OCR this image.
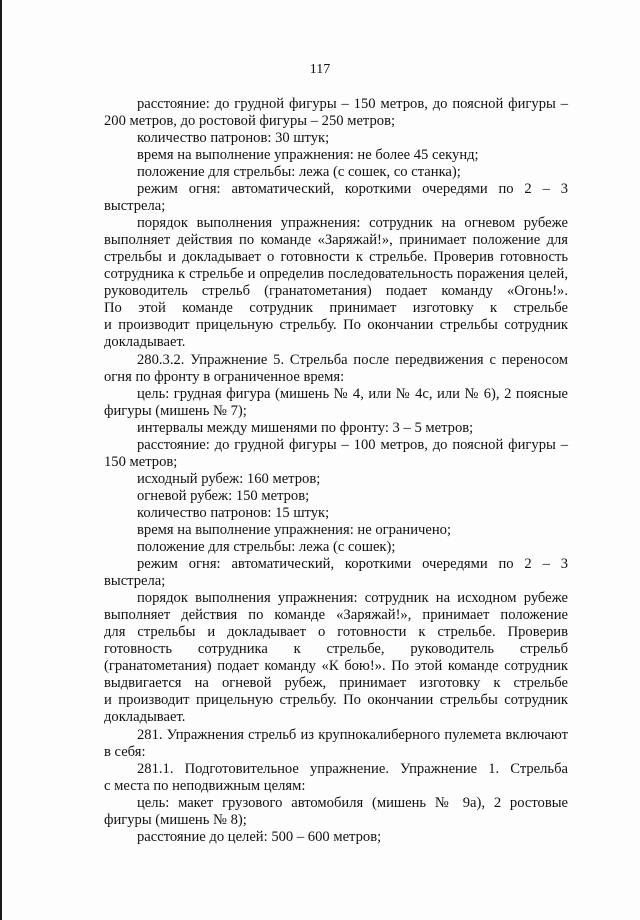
117
расстояние: до грудной фигуры – 150 метров, до поясной фигуры –
200 метров, до ростовой фигуры – 250 метров;
количество патронов: 30 штук;
время на выполнение упражнения: не более 45 секунд;
положение для стрельбы: лежа (с сошек, со станка);
режим огня: автоматический, короткими очередями по 2 – 3
выстрела;
порядок выполнения упражнения: сотрудник на огневом рубеже
выполняет действия по команде «Заряжай!», принимает положение для
стрельбы и докладывает о готовности к стрельбе. Проверив готовность
сотрудника к стрельбе и определив последовательность поражения целей,
руководитель стрельб (гранатометания) подает команду «Огонь!».
По этой команде сотрудник принимает изготовку к стрельбе
и производит прицельную стрельбу. По окончании стрельбы сотрудник
докладывает.
280.3.2. Упражнение 5. Стрельба после передвижения с переносом
огня по фронту в ограниченное время:
цель: грудная фигура (мишень № 4, или № 4с, или № 6), 2 поясные
фигуры (мишень № 7);
интервалы между мишенями по фронту: 3 – 5 метров;
расстояние: до грудной фигуры – 100 метров, до поясной фигуры –
150 метров;
исходный рубеж: 160 метров;
огневой рубеж: 150 метров;
количество патронов: 15 штук;
время на выполнение упражнения: не ограничено;
положение для стрельбы: лежа (с сошек);
режим огня: автоматический, короткими очередями по 2 – 3
выстрела;
порядок выполнения упражнения: сотрудник на исходном рубеже
выполняет действия по команде «Заряжай!», принимает положение
для стрельбы и докладывает о готовности к стрельбе. Проверив
готовность сотрудника к стрельбе, руководитель стрельб
(гранатометания) подает команду «К бою!». По этой команде сотрудник
выдвигается на огневой рубеж, принимает изготовку к стрельбе
и производит прицельную стрельбу. По окончании стрельбы сотрудник
докладывает.
281. Упражнения стрельб из крупнокалиберного пулемета включают
в себя:
281.1. Подготовительное упражнение. Упражнение 1. Стрельба
с места по неподвижным целям:
цель: макет грузового автомобиля (мишень № 9а), 2 ростовые
фигуры (мишень № 8);
расстояние до целей: 500 – 600 метров;
